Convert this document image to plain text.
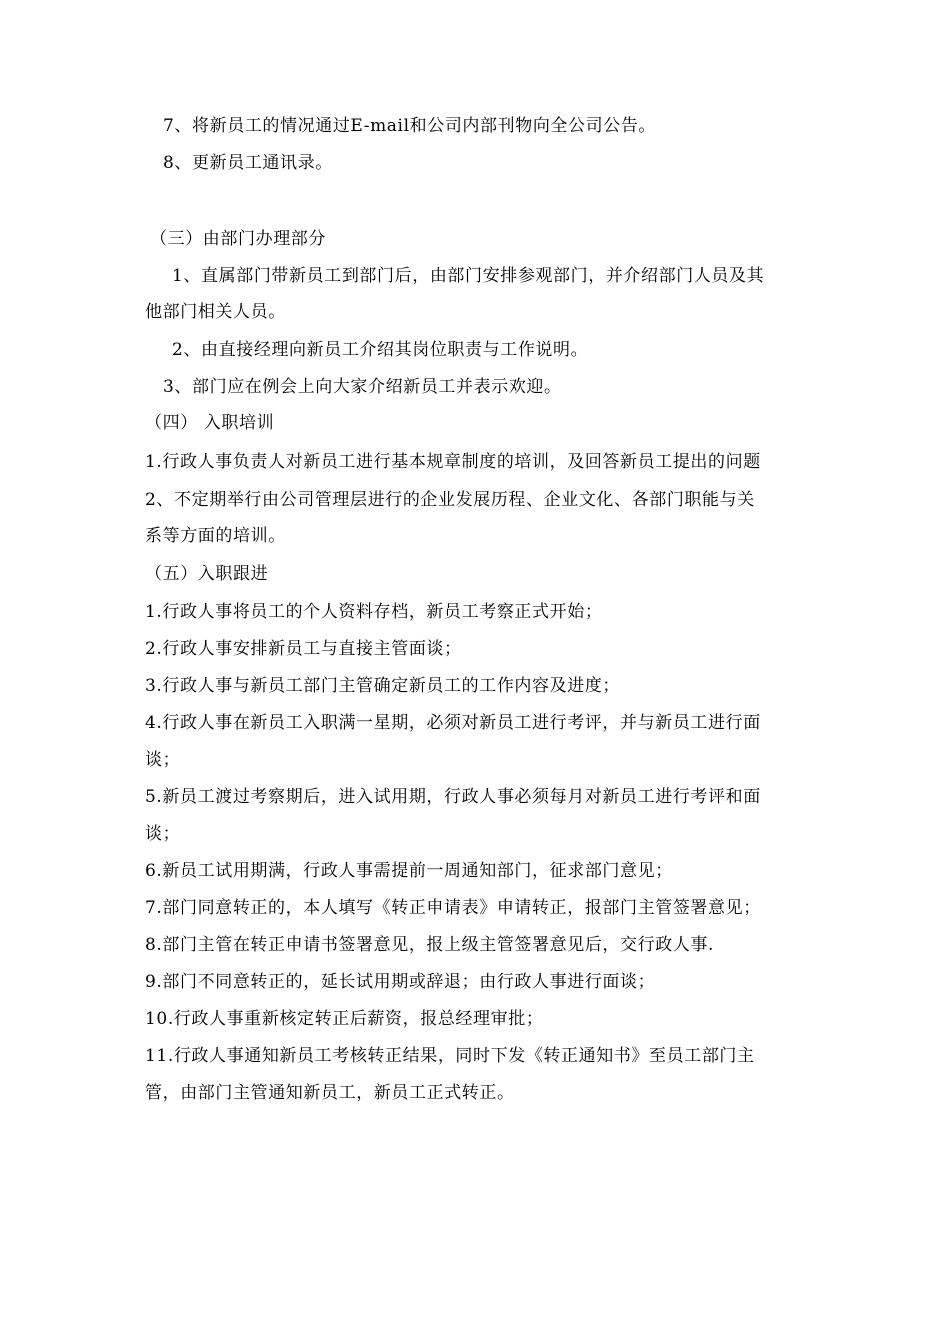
7、将新员工的情况通过E-mail和公司内部刊物向全公司公告。
8、更新员工通讯录。
（三）由部门办理部分
1、直属部门带新员工到部门后，由部门安排参观部门，并介绍部门人员及其
他部门相关人员。
2、由直接经理向新员工介绍其岗位职责与工作说明。
3、部门应在例会上向大家介绍新员工并表示欢迎。
（四） 入职培训
1.行政人事负责人对新员工进行基本规章制度的培训，及回答新员工提出的问题
2、不定期举行由公司管理层进行的企业发展历程、企业文化、各部门职能与关
系等方面的培训。
（五）入职跟进
1.行政人事将员工的个人资料存档，新员工考察正式开始；
2.行政人事安排新员工与直接主管面谈；
3.行政人事与新员工部门主管确定新员工的工作内容及进度；
4.行政人事在新员工入职满一星期，必须对新员工进行考评，并与新员工进行面
谈；
5.新员工渡过考察期后，进入试用期，行政人事必须每月对新员工进行考评和面
谈；
6.新员工试用期满，行政人事需提前一周通知部门，征求部门意见；
7.部门同意转正的，本人填写《转正申请表》申请转正，报部门主管签署意见；
8.部门主管在转正申请书签署意见，报上级主管签署意见后，交行政人事.
9.部门不同意转正的，延长试用期或辞退；由行政人事进行面谈；
10.行政人事重新核定转正后薪资，报总经理审批；
11.行政人事通知新员工考核转正结果，同时下发《转正通知书》至员工部门主
管，由部门主管通知新员工，新员工正式转正。
